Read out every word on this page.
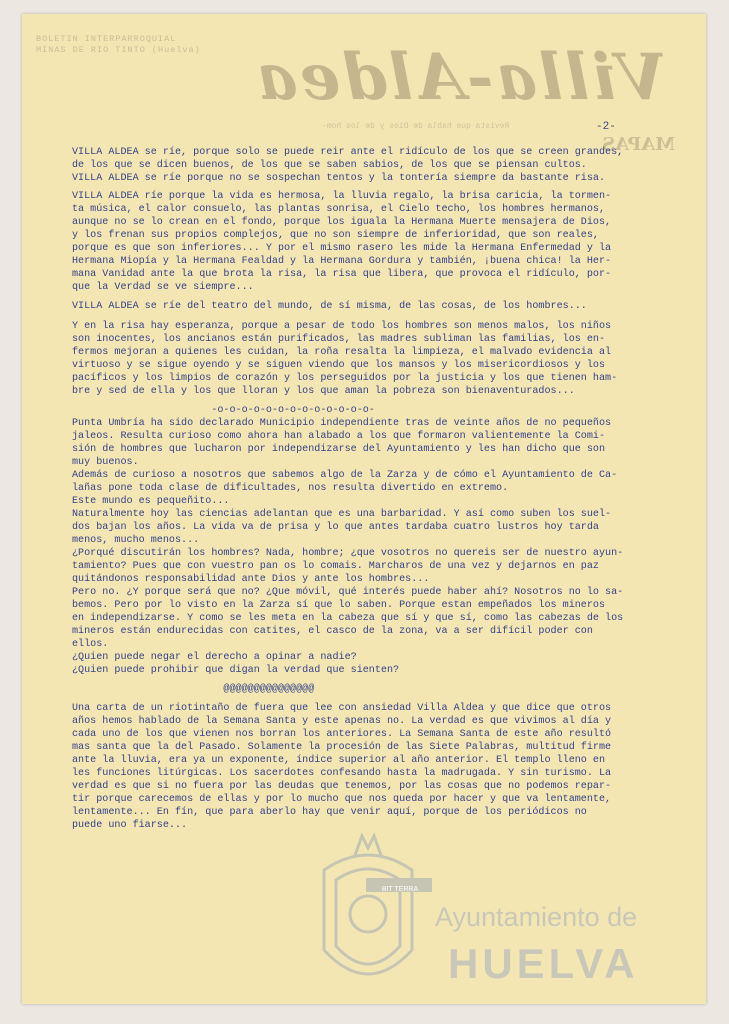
BOLETIN INTERPARROQUIAL
MINAS DE RIO TINTO (Huelva) Villa-Aldea
Revista que habla de Dios y de los hom-
MAPAS
-2-
VILLA ALDEA se ríe, porque solo se puede reir ante el ridículo de los que se creen grandes,
de los que se dicen buenos, de los que se saben sabios, de los que se piensan cultos.
VILLA ALDEA se ríe porque no se sospechan tentos y la tontería siempre da bastante risa.
VILLA ALDEA ríe porque la vida es hermosa, la lluvia regalo, la brisa caricia, la tormen-
ta música, el calor consuelo, las plantas sonrisa, el Cielo techo, los hombres hermanos,
aunque no se lo crean en el fondo, porque los iguala la Hermana Muerte mensajera de Dios,
y los frenan sus propios complejos, que no son siempre de inferioridad, que son reales,
porque es que son inferiores... Y por el mismo rasero les mide la Hermana Enfermedad y la
Hermana Miopía y la Hermana Fealdad y la Hermana Gordura y también, ¡buena chica! la Her-
mana Vanidad ante la que brota la risa, la risa que libera, que provoca el ridículo, por-
que la Verdad se ve siempre...
VILLA ALDEA se ríe del teatro del mundo, de sí misma, de las cosas, de los hombres...
Y en la risa hay esperanza, porque a pesar de todo los hombres son menos malos, los niños
son inocentes, los ancianos están purificados, las madres subliman las familias, los en-
fermos mejoran a quienes les cuidan, la roña resalta la limpieza, el malvado evidencia al
virtuoso y se sigue oyendo y se siguen viendo que los mansos y los misericordiosos y los
pacíficos y los limpios de corazón y los perseguidos por la justicia y los que tienen ham-
bre y sed de ella y los que lloran y los que aman la pobreza son bienaventurados...
-o-o-o-o-o-o-o-o-o-o-o-o-o-
Punta Umbría ha sido declarado Municipio independiente tras de veinte años de no pequeños
jaleos. Resulta curioso como ahora han alabado a los que formaron valientemente la Comi-
sión de hombres que lucharon por independizarse del Ayuntamiento y les han dicho que son
muy buenos.
Además de curioso a nosotros que sabemos algo de la Zarza y de cómo el Ayuntamiento de Ca-
lañas pone toda clase de dificultades, nos resulta divertido en extremo.
Este mundo es pequeñito...
Naturalmente hoy las ciencias adelantan que es una barbaridad. Y así como suben los suel-
dos bajan los años. La vida va de prisa y lo que antes tardaba cuatro lustros hoy tarda
menos, mucho menos...
¿Porqué discutirán los hombres? Nada, hombre; ¿que vosotros no quereis ser de nuestro ayun-
tamiento? Pues que con vuestro pan os lo comais. Marcharos de una vez y dejarnos en paz
quitándonos responsabilidad ante Dios y ante los hombres...
Pero no. ¿Y porque será que no? ¿Que móvil, qué interés puede haber ahí? Nosotros no lo sa-
bemos. Pero por lo visto en la Zarza sí que lo saben. Porque estan empeñados los mineros
en independizarse. Y como se les meta en la cabeza que sí y que sí, como las cabezas de los
mineros están endurecidas con catites, el casco de la zona, va a ser difícil poder con
ellos.
¿Quien puede negar el derecho a opinar a nadie?
¿Quien puede prohibir que digan la verdad que sienten?
@@@@@@@@@@@@@@@
Una carta de un riotintaño de fuera que lee con ansiedad Villa Aldea y que dice que otros
años hemos hablado de la Semana Santa y este apenas no. La verdad es que vivimos al día y
cada uno de los que vienen nos borran los anteriores. La Semana Santa de este año resultó
mas santa que la del Pasado. Solamente la procesión de las Siete Palabras, multitud firme
ante la lluvia, era ya un exponente, índice superior al año anterior. El templo lleno en
les funciones litúrgicas. Los sacerdotes confesando hasta la madrugada. Y sin turismo. La
verdad es que si no fuera por las deudas que tenemos, por las cosas que no podemos repar-
tir porque carecemos de ellas y por lo mucho que nos queda por hacer y que va lentamente,
lentamente... En fín, que para aberlo hay que venir aquí, porque de los periódicos no
puede uno fiarse...
BIT TERRA
Ayuntamiento de
HUELVA
